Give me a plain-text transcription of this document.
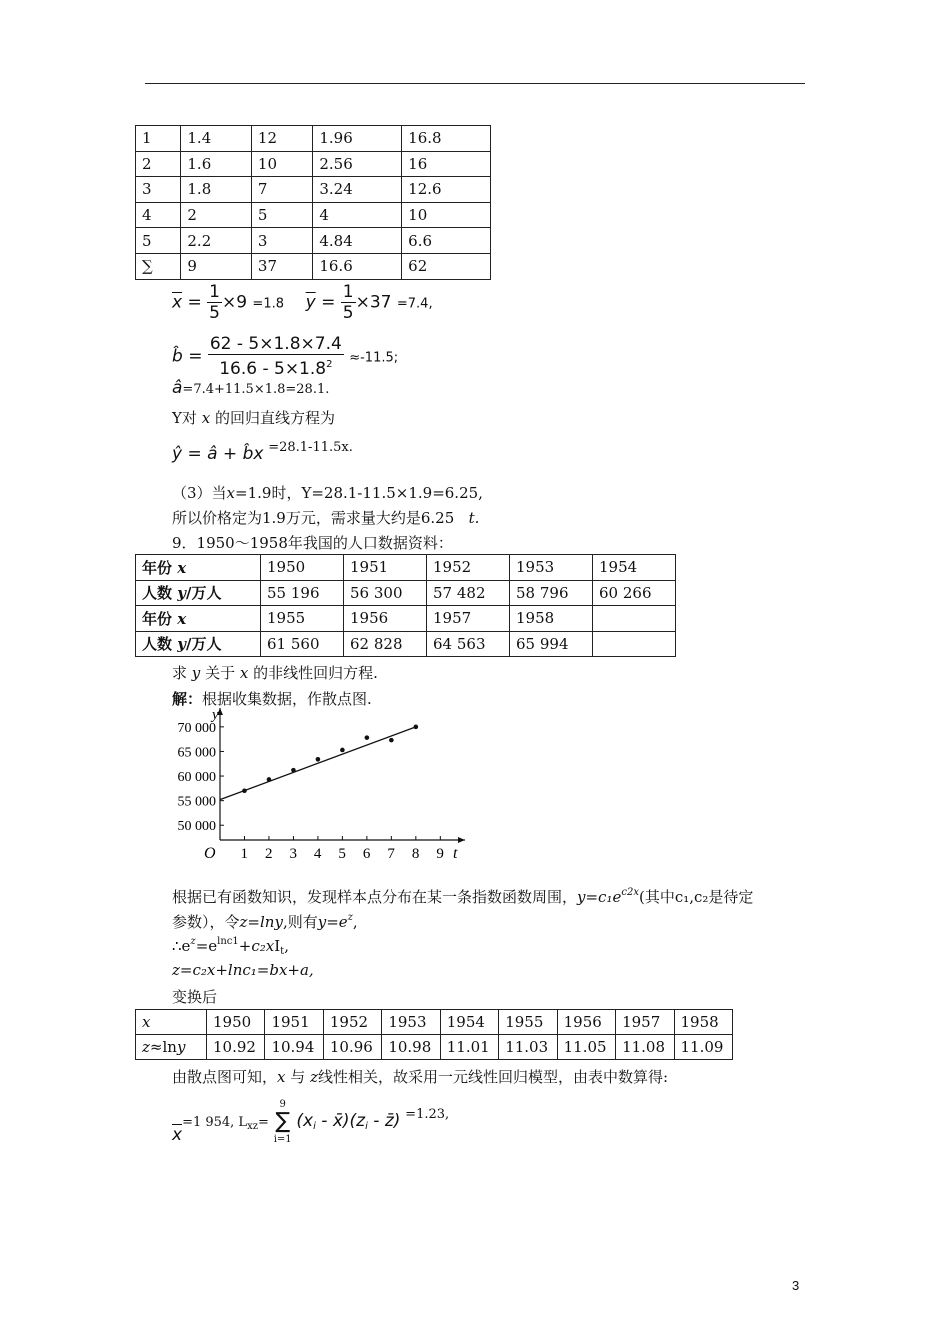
1	1.4	12	1.96	16.8
2	1.6	10	2.56	16
3	1.8	7	3.24	12.6
4	2	5	4	10
5	2.2	3	4.84	6.6
∑	9	37	16.6	62
$\overline{x} = \frac{1}{5} \times 9 =1.8$ $\overline{y} = \frac{1}{5} \times 37 =7.4$,
b̂ = $\frac{62 - 5\times 1.8\times 7.4}{16.6 - 5\times 1.8^2} \approx-11.5$;
â=7.4+11.5×1.8=28.1.
Y对 x 的回归直线方程为
ŷ = â + b̂x =28.1-11.5x.
（3）当x=1.9时，Y=28.1-11.5×1.9=6.25,
所以价格定为1.9万元，需求量大约是6.25 t.
9．1950～1958年我国的人口数据资料：
年份 x	1950	1951	1952	1953	1954
人数 y/万人	55 196	56 300	57 482	58 796	60 266
年份 x	1955	1956	1957	1958	
人数 y/万人	61 560	62 828	64 563	65 994	
求 y 关于 x 的非线性回归方程.
解：根据收集数据，作散点图.
y
t
O 1 2 3 4 5 6 7 8 9
50 000
55 000
60 000
65 000
70 000
根据已有函数知识，发现样本点分布在某一条指数函数周围，$y=c_1e^{c2x}$(其中c₁,c₂是待定
参数），令z=lny,则有$y=e^z$,
$\therefore e^z=e^{lnc1}+c_2xI_t$,
z=c₂x+lnc₁=bx+a,
变换后
x	1950	1951	1952	1953	1954	1955	1956	1957	1958
z≈lny	10.92	10.94	10.96	10.98	11.01	11.03	11.05	11.08	11.09
由散点图可知，x 与 z线性相关，故采用一元线性回归模型，由表中数算得:
$\overline{x}=1$ 954, $L_{xz}=$
9
∑
i=1
($x_i$ - $x̄)(z_i$ - z̄) =1.23,
3
